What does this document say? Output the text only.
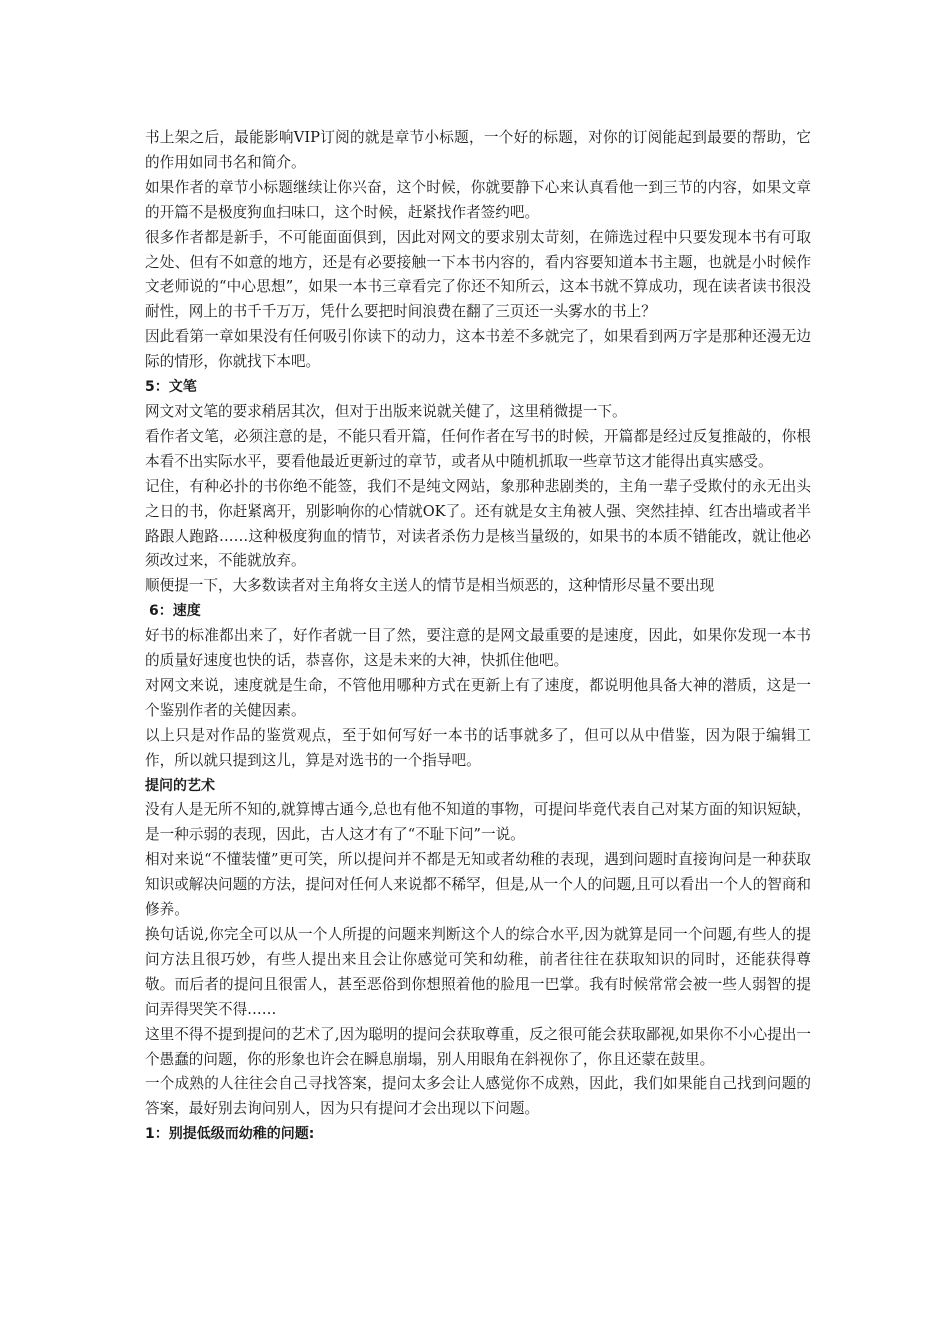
书上架之后，最能影响VIP订阅的就是章节小标题，一个好的标题，对你的订阅能起到最要的帮助，它的作用如同书名和简介。

如果作者的章节小标题继续让你兴奋，这个时候，你就要静下心来认真看他一到三节的内容，如果文章的开篇不是极度狗血扫味口，这个时候，赶紧找作者签约吧。

很多作者都是新手，不可能面面俱到，因此对网文的要求别太苛刻，在筛选过程中只要发现本书有可取之处、但有不如意的地方，还是有必要接触一下本书内容的，看内容要知道本书主题，也就是小时候作文老师说的“中心思想”，如果一本书三章看完了你还不知所云，这本书就不算成功，现在读者读书很没耐性，网上的书千千万万，凭什么要把时间浪费在翻了三页还一头雾水的书上？

因此看第一章如果没有任何吸引你读下的动力，这本书差不多就完了，如果看到两万字是那种还漫无边际的情形，你就找下本吧。

5：文笔

网文对文笔的要求稍居其次，但对于出版来说就关健了，这里稍微提一下。

看作者文笔，必须注意的是，不能只看开篇，任何作者在写书的时候，开篇都是经过反复推敲的，你根本看不出实际水平，要看他最近更新过的章节，或者从中随机抓取一些章节这才能得出真实感受。

记住，有种必扑的书你绝不能签，我们不是纯文网站，象那种悲剧类的，主角一辈子受欺付的永无出头之日的书，你赶紧离开，别影响你的心情就OK了。还有就是女主角被人强、突然挂掉、红杏出墙或者半路跟人跑路……这种极度狗血的情节，对读者杀伤力是核当量级的，如果书的本质不错能改，就让他必须改过来，不能就放弃。

顺便提一下，大多数读者对主角将女主送人的情节是相当烦恶的，这种情形尽量不要出现

6：速度

好书的标准都出来了，好作者就一目了然，要注意的是网文最重要的是速度，因此，如果你发现一本书的质量好速度也快的话，恭喜你，这是未来的大神，快抓住他吧。

对网文来说，速度就是生命，不管他用哪种方式在更新上有了速度，都说明他具备大神的潜质，这是一个鉴别作者的关健因素。

以上只是对作品的鉴赏观点，至于如何写好一本书的话事就多了，但可以从中借鉴，因为限于编辑工作，所以就只提到这儿，算是对选书的一个指导吧。

提问的艺术

没有人是无所不知的,就算博古通今,总也有他不知道的事物，可提问毕竟代表自己对某方面的知识短缺，是一种示弱的表现，因此，古人这才有了“不耻下问”一说。

相对来说“不懂装懂”更可笑，所以提问并不都是无知或者幼稚的表现，遇到问题时直接询问是一种获取知识或解决问题的方法，提问对任何人来说都不稀罕，但是,从一个人的问题,且可以看出一个人的智商和修养。

换句话说,你完全可以从一个人所提的问题来判断这个人的综合水平,因为就算是同一个问题,有些人的提问方法且很巧妙，有些人提出来且会让你感觉可笑和幼稚，前者往往在获取知识的同时，还能获得尊敬。而后者的提问且很雷人，甚至恶俗到你想照着他的脸甩一巴掌。我有时候常常会被一些人弱智的提问弄得哭笑不得……

这里不得不提到提问的艺术了,因为聪明的提问会获取尊重，反之很可能会获取鄙视,如果你不小心提出一个愚蠢的问题，你的形象也许会在瞬息崩塌，别人用眼角在斜视你了，你且还蒙在鼓里。

一个成熟的人往往会自己寻找答案，提问太多会让人感觉你不成熟，因此，我们如果能自己找到问题的答案，最好别去询问别人，因为只有提问才会出现以下问题。

1：别提低级而幼稚的问题:
